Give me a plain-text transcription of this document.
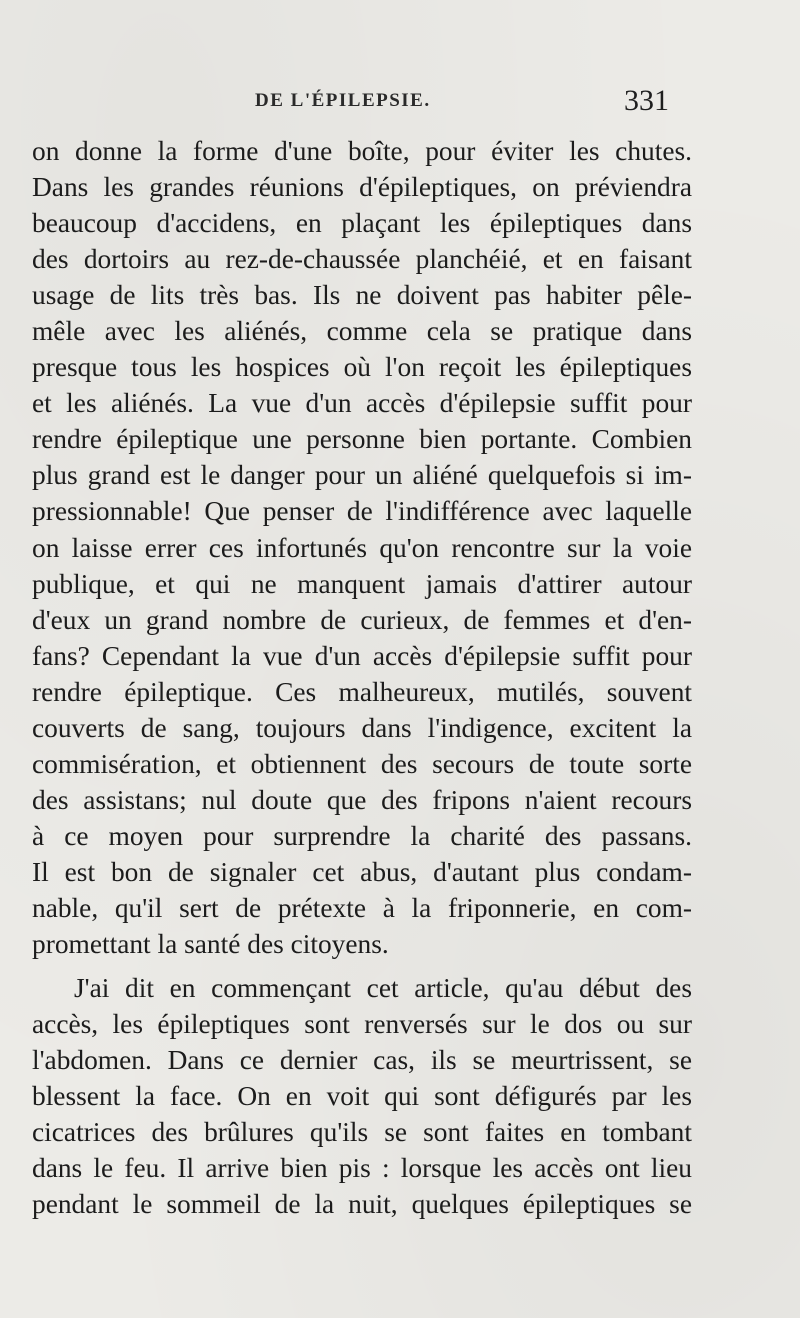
DE L'ÉPILEPSIE.	331
on donne la forme d'une boîte, pour éviter les chutes.
Dans les grandes réunions d'épileptiques, on préviendra
beaucoup d'accidens, en plaçant les épileptiques dans
des dortoirs au rez-de-chaussée planchéié, et en faisant
usage de lits très bas. Ils ne doivent pas habiter pêle-
mêle avec les aliénés, comme cela se pratique dans
presque tous les hospices où l'on reçoit les épileptiques
et les aliénés. La vue d'un accès d'épilepsie suffit pour
rendre épileptique une personne bien portante. Combien
plus grand est le danger pour un aliéné quelquefois si im-
pressionnable! Que penser de l'indifférence avec laquelle
on laisse errer ces infortunés qu'on rencontre sur la voie
publique, et qui ne manquent jamais d'attirer autour
d'eux un grand nombre de curieux, de femmes et d'en-
fans? Cependant la vue d'un accès d'épilepsie suffit pour
rendre épileptique. Ces malheureux, mutilés, souvent
couverts de sang, toujours dans l'indigence, excitent la
commisération, et obtiennent des secours de toute sorte
des assistans; nul doute que des fripons n'aient recours
à ce moyen pour surprendre la charité des passans.
Il est bon de signaler cet abus, d'autant plus condam-
nable, qu'il sert de prétexte à la friponnerie, en com-
promettant la santé des citoyens.
J'ai dit en commençant cet article, qu'au début des
accès, les épileptiques sont renversés sur le dos ou sur
l'abdomen. Dans ce dernier cas, ils se meurtrissent, se
blessent la face. On en voit qui sont défigurés par les
cicatrices des brûlures qu'ils se sont faites en tombant
dans le feu. Il arrive bien pis : lorsque les accès ont lieu
pendant le sommeil de la nuit, quelques épileptiques se
